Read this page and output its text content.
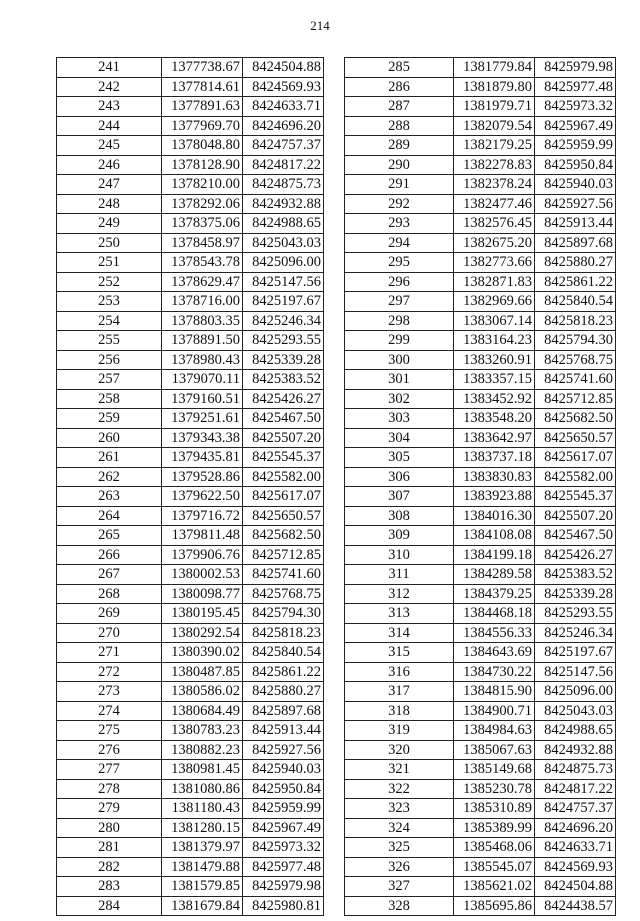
214
241	1377738.67	8424504.88
242	1377814.61	8424569.93
243	1377891.63	8424633.71
244	1377969.70	8424696.20
245	1378048.80	8424757.37
246	1378128.90	8424817.22
247	1378210.00	8424875.73
248	1378292.06	8424932.88
249	1378375.06	8424988.65
250	1378458.97	8425043.03
251	1378543.78	8425096.00
252	1378629.47	8425147.56
253	1378716.00	8425197.67
254	1378803.35	8425246.34
255	1378891.50	8425293.55
256	1378980.43	8425339.28
257	1379070.11	8425383.52
258	1379160.51	8425426.27
259	1379251.61	8425467.50
260	1379343.38	8425507.20
261	1379435.81	8425545.37
262	1379528.86	8425582.00
263	1379622.50	8425617.07
264	1379716.72	8425650.57
265	1379811.48	8425682.50
266	1379906.76	8425712.85
267	1380002.53	8425741.60
268	1380098.77	8425768.75
269	1380195.45	8425794.30
270	1380292.54	8425818.23
271	1380390.02	8425840.54
272	1380487.85	8425861.22
273	1380586.02	8425880.27
274	1380684.49	8425897.68
275	1380783.23	8425913.44
276	1380882.23	8425927.56
277	1380981.45	8425940.03
278	1381080.86	8425950.84
279	1381180.43	8425959.99
280	1381280.15	8425967.49
281	1381379.97	8425973.32
282	1381479.88	8425977.48
283	1381579.85	8425979.98
284	1381679.84	8425980.81
285	1381779.84	8425979.98
286	1381879.80	8425977.48
287	1381979.71	8425973.32
288	1382079.54	8425967.49
289	1382179.25	8425959.99
290	1382278.83	8425950.84
291	1382378.24	8425940.03
292	1382477.46	8425927.56
293	1382576.45	8425913.44
294	1382675.20	8425897.68
295	1382773.66	8425880.27
296	1382871.83	8425861.22
297	1382969.66	8425840.54
298	1383067.14	8425818.23
299	1383164.23	8425794.30
300	1383260.91	8425768.75
301	1383357.15	8425741.60
302	1383452.92	8425712.85
303	1383548.20	8425682.50
304	1383642.97	8425650.57
305	1383737.18	8425617.07
306	1383830.83	8425582.00
307	1383923.88	8425545.37
308	1384016.30	8425507.20
309	1384108.08	8425467.50
310	1384199.18	8425426.27
311	1384289.58	8425383.52
312	1384379.25	8425339.28
313	1384468.18	8425293.55
314	1384556.33	8425246.34
315	1384643.69	8425197.67
316	1384730.22	8425147.56
317	1384815.90	8425096.00
318	1384900.71	8425043.03
319	1384984.63	8424988.65
320	1385067.63	8424932.88
321	1385149.68	8424875.73
322	1385230.78	8424817.22
323	1385310.89	8424757.37
324	1385389.99	8424696.20
325	1385468.06	8424633.71
326	1385545.07	8424569.93
327	1385621.02	8424504.88
328	1385695.86	8424438.57
